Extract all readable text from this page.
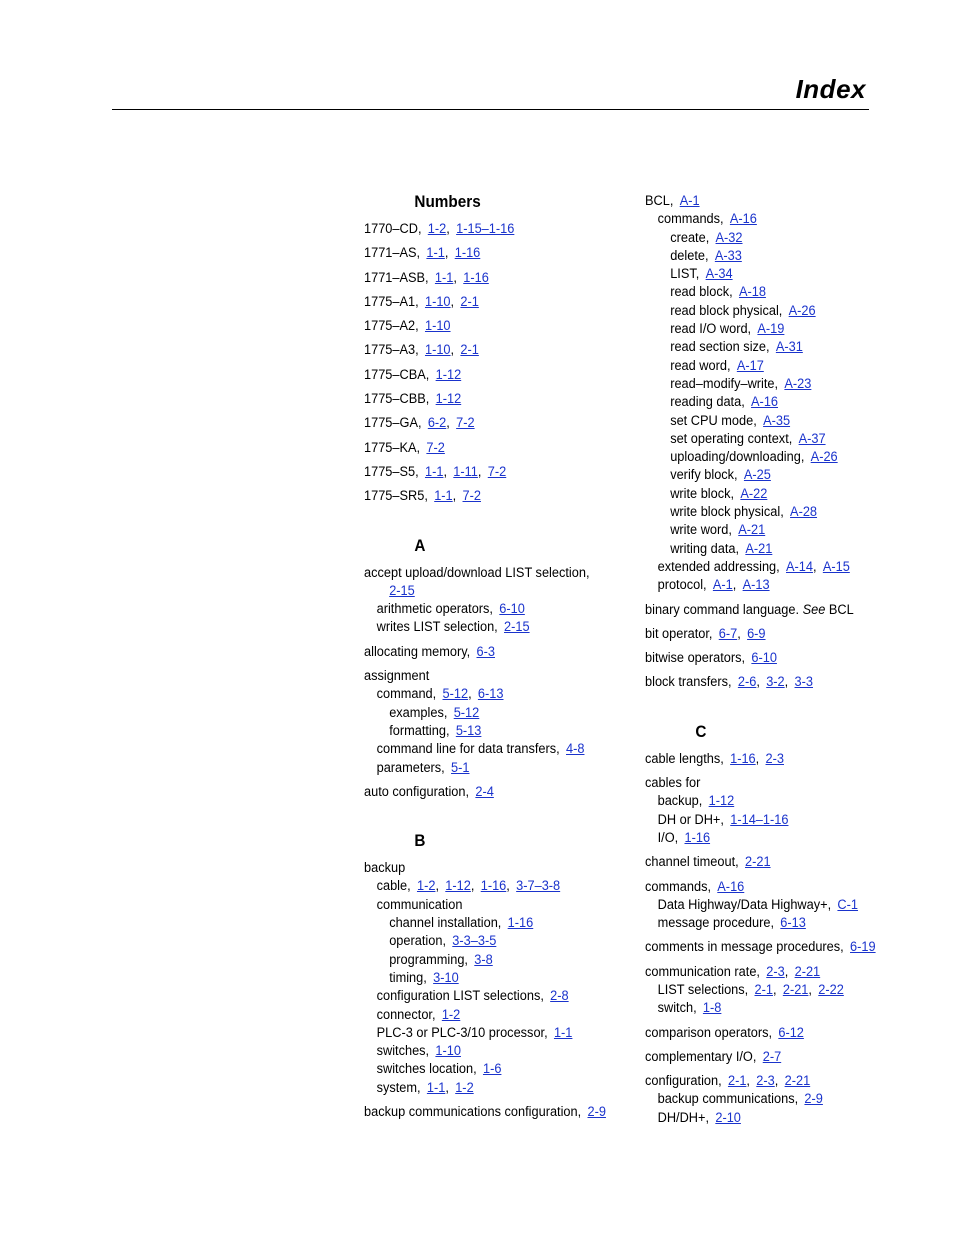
Index
Numbers
1770–CD, 1-2, 1-15–1-16
1771–AS, 1-1, 1-16
1771–ASB, 1-1, 1-16
1775–A1, 1-10, 2-1
1775–A2, 1-10
1775–A3, 1-10, 2-1
1775–CBA, 1-12
1775–CBB, 1-12
1775–GA, 6-2, 7-2
1775–KA, 7-2
1775–S5, 1-1, 1-11, 7-2
1775–SR5, 1-1, 7-2
A
accept upload/download LIST selection,
2-15
arithmetic operators, 6-10
writes LIST selection, 2-15
allocating memory, 6-3
assignment
command, 5-12, 6-13
examples, 5-12
formatting, 5-13
command line for data transfers, 4-8
parameters, 5-1
auto configuration, 2-4
B
backup
cable, 1-2, 1-12, 1-16, 3-7–3-8
communication
channel installation, 1-16
operation, 3-3–3-5
programming, 3-8
timing, 3-10
configuration LIST selections, 2-8
connector, 1-2
PLC-3 or PLC-3/10 processor, 1-1
switches, 1-10
switches location, 1-6
system, 1-1, 1-2
backup communications configuration, 2-9
BCL, A-1
commands, A-16
create, A-32
delete, A-33
LIST, A-34
read block, A-18
read block physical, A-26
read I/O word, A-19
read section size, A-31
read word, A-17
read–modify–write, A-23
reading data, A-16
set CPU mode, A-35
set operating context, A-37
uploading/downloading, A-26
verify block, A-25
write block, A-22
write block physical, A-28
write word, A-21
writing data, A-21
extended addressing, A-14, A-15
protocol, A-1, A-13
binary command language. See BCL
bit operator, 6-7, 6-9
bitwise operators, 6-10
block transfers, 2-6, 3-2, 3-3
C
cable lengths, 1-16, 2-3
cables for
backup, 1-12
DH or DH+, 1-14–1-16
I/O, 1-16
channel timeout, 2-21
commands, A-16
Data Highway/Data Highway+, C-1
message procedure, 6-13
comments in message procedures, 6-19
communication rate, 2-3, 2-21
LIST selections, 2-1, 2-21, 2-22
switch, 1-8
comparison operators, 6-12
complementary I/O, 2-7
configuration, 2-1, 2-3, 2-21
backup communications, 2-9
DH/DH+, 2-10
